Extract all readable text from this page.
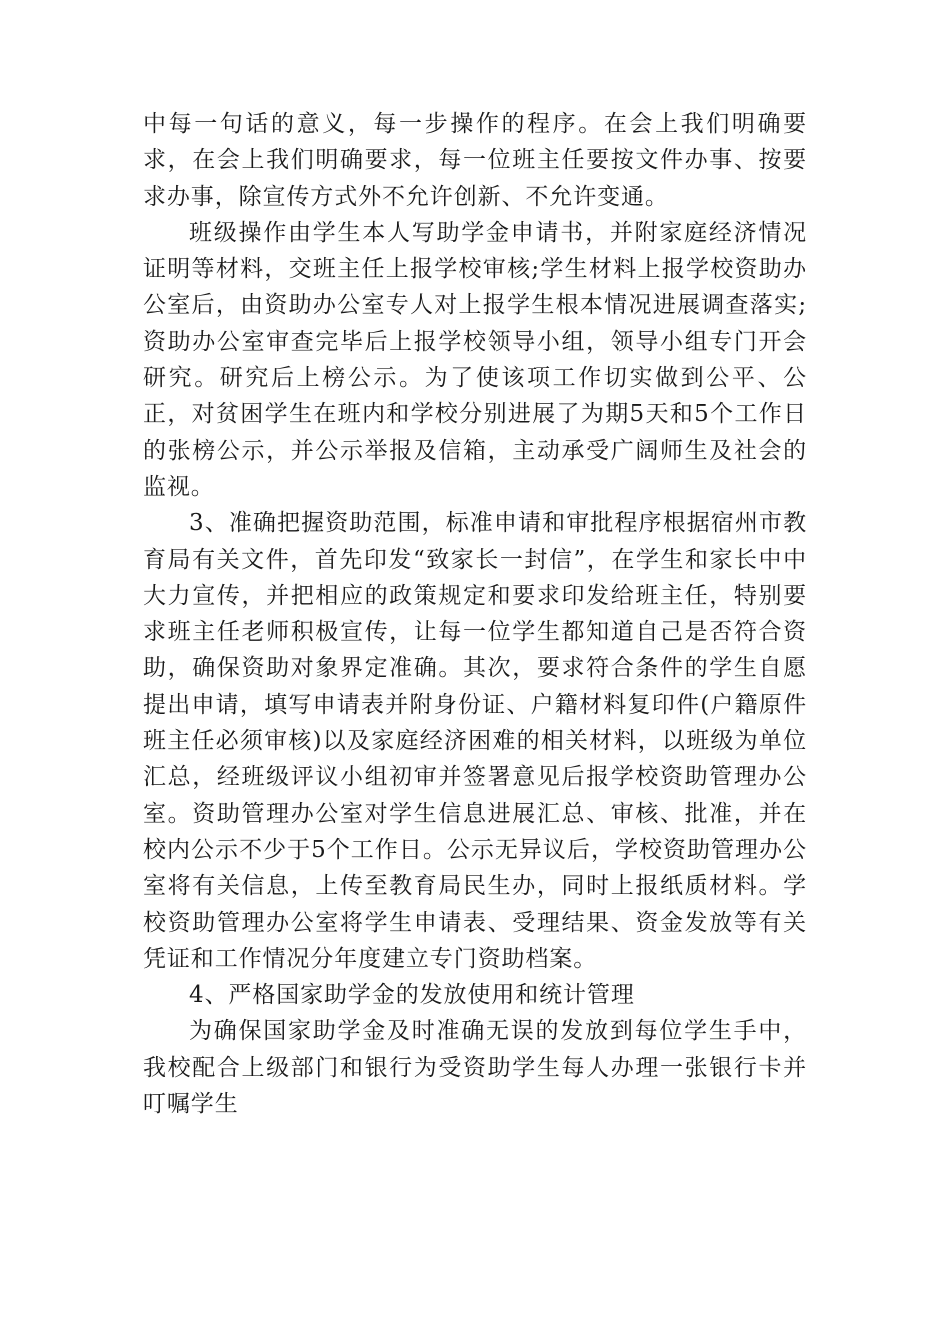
中每一句话的意义，每一步操作的程序。在会上我们明确要求，在会上我们明确要求，每一位班主任要按文件办事、按要求办事，除宣传方式外不允许创新、不允许变通。

班级操作由学生本人写助学金申请书，并附家庭经济情况证明等材料，交班主任上报学校审核;学生材料上报学校资助办公室后，由资助办公室专人对上报学生根本情况进展调查落实;资助办公室审查完毕后上报学校领导小组，领导小组专门开会研究。研究后上榜公示。为了使该项工作切实做到公平、公正，对贫困学生在班内和学校分别进展了为期5天和5个工作日的张榜公示，并公示举报及信箱，主动承受广阔师生及社会的监视。

3、准确把握资助范围，标准申请和审批程序根据宿州市教育局有关文件，首先印发“致家长一封信”，在学生和家长中中大力宣传，并把相应的政策规定和要求印发给班主任，特别要求班主任老师积极宣传，让每一位学生都知道自己是否符合资助，确保资助对象界定准确。其次，要求符合条件的学生自愿提出申请，填写申请表并附身份证、户籍材料复印件(户籍原件班主任必须审核)以及家庭经济困难的相关材料，以班级为单位汇总，经班级评议小组初审并签署意见后报学校资助管理办公室。资助管理办公室对学生信息进展汇总、审核、批准，并在校内公示不少于5个工作日。公示无异议后，学校资助管理办公室将有关信息，上传至教育局民生办，同时上报纸质材料。学校资助管理办公室将学生申请表、受理结果、资金发放等有关凭证和工作情况分年度建立专门资助档案。

4、严格国家助学金的发放使用和统计管理

为确保国家助学金及时准确无误的发放到每位学生手中，我校配合上级部门和银行为受资助学生每人办理一张银行卡并叮嘱学生
